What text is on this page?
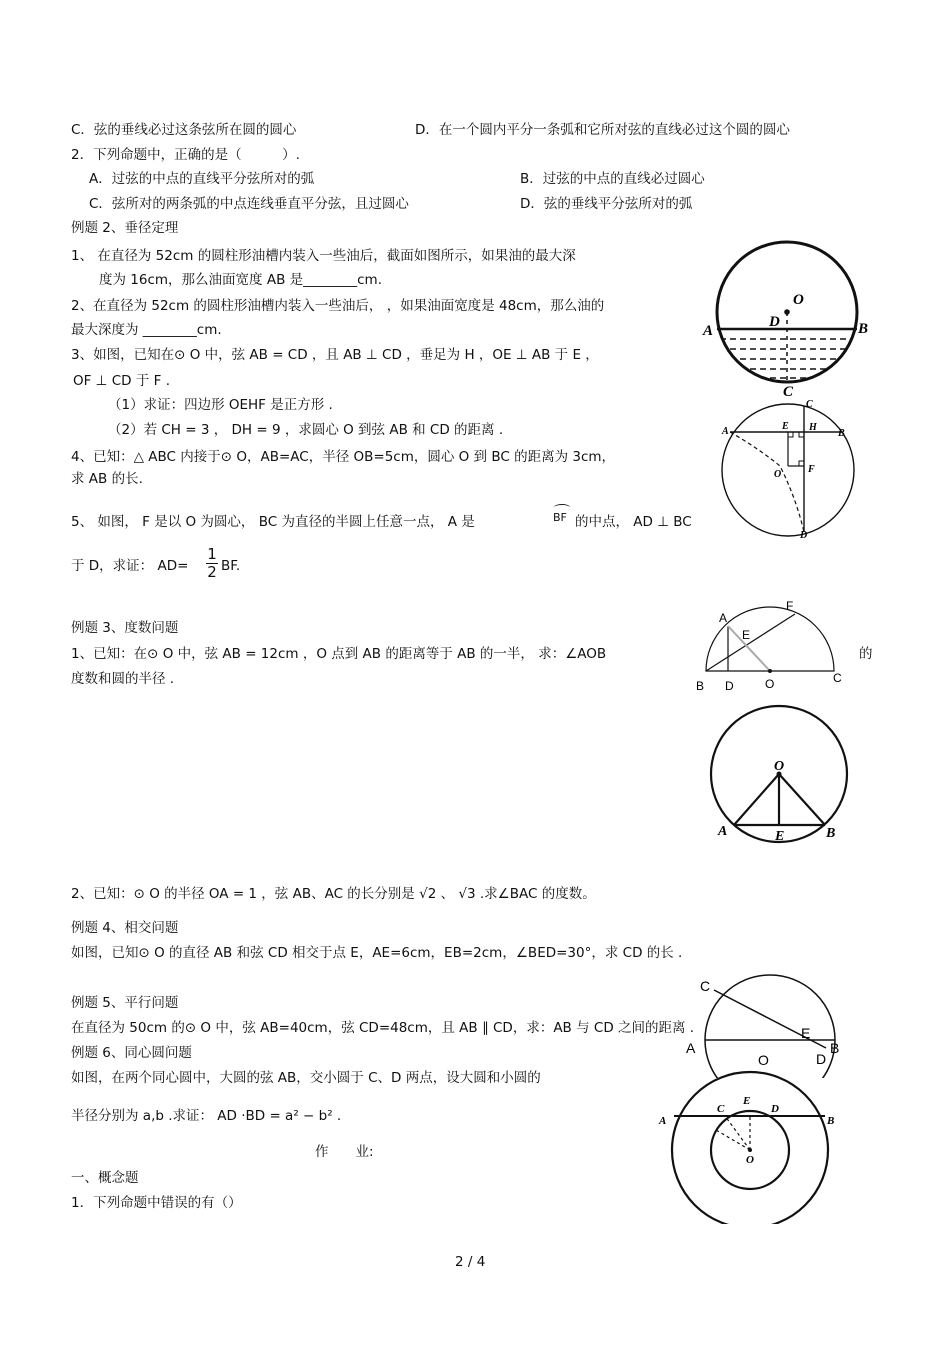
C．弦的垂线必过这条弦所在圆的圆心	D．在一个圆内平分一条弧和它所对弦的直线必过这个圆的圆心
2．下列命题中，正确的是（　　　）.
A．过弦的中点的直线平分弦所对的弧	B．过弦的中点的直线必过圆心
C．弦所对的两条弧的中点连线垂直平分弦，且过圆心	D．弦的垂线平分弦所对的弧
例题 2、垂径定理
1、 在直径为 52cm 的圆柱形油槽内装入一些油后，截面如图所示，如果油的最大深
度为 16cm，那么油面宽度 AB 是________cm.
2、在直径为 52cm 的圆柱形油槽内装入一些油后， ，如果油面宽度是 48cm，那么油的
最大深度为 ________cm.
3、如图，已知在⊙ O 中，弦 AB = CD ，且 AB ⊥ CD ，垂足为 H ，OE ⊥ AB 于 E ，
OF ⊥ CD 于 F .
（1）求证：四边形 OEHF 是正方形 .
（2）若 CH = 3 ， DH = 9 ，求圆心 O 到弦 AB 和 CD 的距离 .
4、已知：△ ABC 内接于⊙ O，AB=AC，半径 OB=5cm，圆心 O 到 BC 的距离为 3cm，
求 AB 的长.
5、 如图， F 是以 O 为圆心， BC 为直径的半圆上任意一点， A 是	BF 的中点， AD ⊥ BC
于 D，求证： $AD= \frac{1}{2}$ BF.
例题 3、度数问题
1、已知：在⊙ O 中，弦 AB = 12cm ，O 点到 AB 的距离等于 AB 的一半， 求：∠AOB	的
度数和圆的半径 .
2、已知：⊙ O 的半径 OA = 1 ，弦 AB、AC 的长分别是 √2 、 √3 .求∠BAC 的度数。
例题 4、相交问题
如图，已知⊙ O 的直径 AB 和弦 CD 相交于点 E，AE=6cm，EB=2cm，∠BED=30°，求 CD 的长 .
例题 5、平行问题
在直径为 50cm 的⊙ O 中，弦 AB=40cm，弦 CD=48cm，且 AB ∥ CD，求：AB 与 CD 之间的距离 .
例题 6、同心圆问题
如图，在两个同心圆中，大圆的弦 AB，交小圆于 C、D 两点，设大圆和小圆的
半径分别为 a,b .求证： AD ·BD = a² − b² .
作　　业:
一、概念题
1．下列命题中错误的有（）
2 / 4
O
D
A	B
C
A	B
C
D
E
F
H
O
A
F
E
B D	O	C
O
A	B
E
C
A	B
D
E
O
A	B
C	D
E
O
